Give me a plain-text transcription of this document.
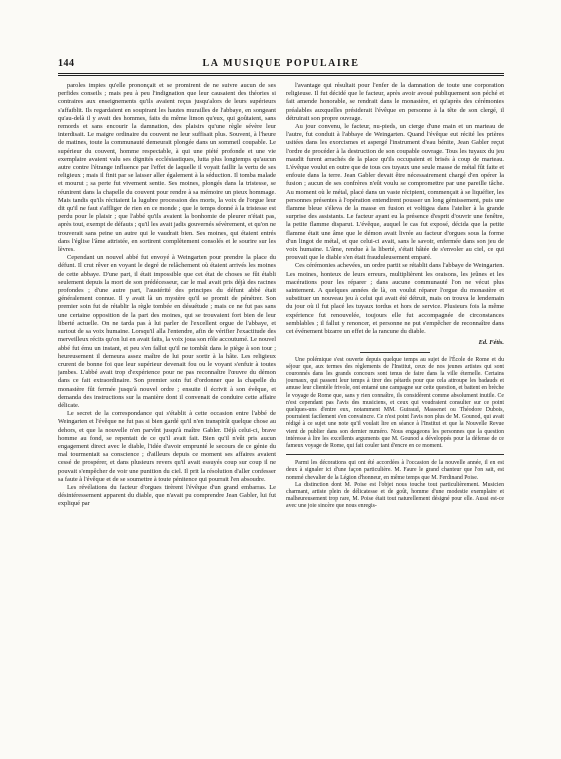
144	LA MUSIQUE POPULAIRE

paroles impies qu'elle prononçait et se promirent de ne suivre aucun de ses perfides conseils ; mais peu à peu l'indignation que leur causaient des théories si contraires aux enseignements qu'ils avaient reçus jusqu'alors de leurs supérieurs s'affaiblit. Ils regardaient en soupirant les hautes murailles de l'abbaye, en songeant qu'au-delà il y avait des hommes, faits du même limon qu'eux, qui goûtaient, sans remords et sans encourir la damnation, des plaisirs qu'une règle sévère leur interdisait. Le maigre ordinaire du couvent ne leur suffisait plus. Souvent, à l'heure de matines, toute la communauté demeurait plongée dans un sommeil coupable. Le supérieur du couvent, homme respectable, à qui une piété profonde et une vie exemplaire avaient valu ses dignités ecclésiastiques, lutta plus longtemps qu'aucun autre contre l'étrange influence par l'effet de laquelle il voyait faillir la vertu de ses religieux ; mais il finit par se laisser aller également à la séduction. Il tomba malade et mourut ; sa perte fut vivement sentie. Ses moines, plongés dans la tristesse, se réunirent dans la chapelle du couvent pour rendre à sa mémoire un pieux hommage. Mais tandis qu'ils récitaient la lugubre procession des morts, la voix de l'orgue leur dit qu'il ne faut s'affliger de rien en ce monde ; que le temps donné à la tristesse est perdu pour le plaisir ; que l'abbé qu'ils avaient la bonhomie de pleurer n'était pas, après tout, exempt de défauts ; qu'il les avait jadis gouvernés sévèrement, et qu'on ne trouverait sans peine un autre qui le vaudrait bien. Ses moines, qui étaient entrés dans l'église l'âme attristée, en sortirent complètement consolés et le sourire sur les lèvres.

Cependant un nouvel abbé fut envoyé à Weingarten pour prendre la place du défunt. Il crut rêver en voyant le degré de relâchement où étaient arrivés les moines de cette abbaye. D'une part, il était impossible que cet état de choses se fût établi seulement depuis la mort de son prédécesseur, car le mal avait pris déjà des racines profondes ; d'une autre part, l'austérité des principes du défunt abbé était généralement connue. Il y avait là un mystère qu'il se promit de pénétrer. Son premier soin fut de rétablir la règle tombée en désuétude ; mais ce ne fut pas sans une certaine opposition de la part des moines, qui se trouvaient fort bien de leur liberté actuelle. On ne tarda pas à lui parler de l'excellent orgue de l'abbaye, et surtout de sa voix humaine. Lorsqu'il alla l'entendre, afin de vérifier l'exactitude des merveilleux récits qu'on lui en avait faits, la voix joua son rôle accoutumé. Le nouvel abbé fut ému un instant, et peu s'en fallut qu'il ne tombât dans le piège à son tour ; heureusement il demeura assez maître de lui pour sortir à la hâte. Les religieux crurent de bonne foi que leur supérieur devenait fou ou le voyant s'enfuir à toutes jambes. L'abbé avait trop d'expérience pour ne pas reconnaître l'œuvre du démon dans ce fait extraordinaire. Son premier soin fut d'ordonner que la chapelle du monastère fût fermée jusqu'à nouvel ordre ; ensuite il écrivit à son évêque, et demanda des instructions sur la manière dont il convenait de conduire cette affaire délicate.

Le secret de la correspondance qui s'établit à cette occasion entre l'abbé de Weingarten et l'évêque ne fut pas si bien gardé qu'il n'en transpirât quelque chose au dehors, et que la nouvelle n'en parvînt jusqu'à maître Gabler. Déjà celui-ci, brave homme au fond, se repentait de ce qu'il avait fait. Bien qu'il n'eût pris aucun engagement direct avec le diable, l'idée d'avoir emprunté le secours de ce génie du mal tourmentait sa conscience ; d'ailleurs depuis ce moment ses affaires avaient cessé de prospérer, et dans plusieurs revers qu'il avait essuyés coup sur coup il ne pouvait s'empêcher de voir une punition du ciel. Il prit la résolution d'aller confesser sa faute à l'évêque et de se soumettre à toute pénitence qui pourrait l'en absoudre.

Les révélations du facteur d'orgues tirèrent l'évêque d'un grand embarras. Le désintéressement apparent du diable, que n'avait pu comprendre Jean Gabler, lui fut expliqué par

l'avantage qui résultait pour l'enfer de la damnation de toute une corporation religieuse. Il fut décidé que le facteur, après avoir avoué publiquement son péché et fait amende honorable, se rendrait dans le monastère, et qu'après des cérémonies préalables auxquelles présiderait l'évêque en personne à la tête de son clergé, il détruirait son propre ouvrage.

Au jour convenu, le facteur, nu-pieds, un cierge d'une main et un marteau de l'autre, fut conduit à l'abbaye de Weingarten. Quand l'évêque eut récité les prières usitées dans les exorcismes et aspergé l'instrument d'eau bénite, Jean Gabler reçut l'ordre de procéder à la destruction de son coupable ouvrage. Tous les tuyaux du jeu maudit furent arrachés de la place qu'ils occupaient et brisés à coup de marteau. L'évêque voulut en outre que de tous ces tuyaux une seule masse de métal fût faite et enfouie dans la terre. Jean Gabler devait être nécessairement chargé d'en opérer la fusion ; aucun de ses confrères n'eût voulu se compromettre par une pareille tâche. Au moment où le métal, placé dans un vaste récipient, commençait à se liquéfier, les personnes présentes à l'opération entendirent pousser un long gémissement, puis une flamme bleue s'éleva de la masse en fusion et voltigea dans l'atelier à la grande surprise des assistants. Le facteur ayant eu la présence d'esprit d'ouvrir une fenêtre, la petite flamme disparut. L'évêque, auquel le cas fut exposé, décida que la petite flamme était une âme que le démon avait livrée au facteur d'orgues sous la forme d'un lingot de métal, et que celui-ci avait, sans le savoir, enfermée dans son jeu de voix humaine. L'âme, rendue à la liberté, s'était hâtée de s'envoler au ciel, ce qui prouvait que le diable s'en était frauduleusement emparé.

Ces cérémonies achevées, un ordre partit se rétablit dans l'abbaye de Weingarten. Les moines, honteux de leurs erreurs, multiplièrent les oraisons, les jeûnes et les macérations pour les réparer ; dans aucune communauté l'on ne vécut plus saintement. A quelques années de là, on voulut réparer l'orgue du monastère et substituer un nouveau jeu à celui qui avait été détruit, mais on trouva le lendemain du jour où il fut placé les tuyaux tordus et hors de service. Plusieurs fois la même expérience fut renouvelée, toujours elle fut accompagnée de circonstances semblables ; il fallut y renoncer, et personne ne put s'empêcher de reconnaître dans cet événement bizarre un effet de la rancune du diable.

Ed. Fétis.

Une polémique s'est ouverte depuis quelque temps au sujet de l'École de Rome et du séjour que, aux termes des règlements de l'Institut, ceux de nos jeunes artistes qui sont couronnés dans les grands concours sont tenus de faire dans la ville éternelle. Certains journaux, qui passent leur temps à tirer des pétards pour que cela attroupe les badauds et amuse leur clientèle frivole, ont entamé une campagne sur cette question, et battent en brèche le voyage de Rome que, sans y rien connaître, ils considèrent comme absolument inutile. Ce n'est cependant pas l'avis des musiciens, et ceux qui voudraient consulter sur ce point quelques-uns d'entre eux, notamment MM. Guiraud, Massenet ou Théodore Dubois, pourraient facilement s'en convaincre. Ce n'est point l'avis non plus de M. Gounod, qui avait rédigé à ce sujet une note qu'il voulait lire en séance à l'Institut et que la Nouvelle Revue vient de publier dans son dernier numéro. Nous engageons les personnes que la question intéresse à lire les excellents arguments que M. Gounod a développés pour la défense de ce fameux voyage de Rome, qui fait couler tant d'encre en ce moment.

Parmi les décorations qui ont été accordées à l'occasion de la nouvelle année, il en est deux à signaler ici d'une façon particulière. M. Faure le grand chanteur que l'on sait, est nommé chevalier de la Légion d'honneur, en même temps que M. Ferdinand Poise.

La distinction dont M. Poise est l'objet nous touche tout particulièrement. Musicien charmant, artiste plein de délicatesse et de goût, homme d'une modestie exemplaire et malheureusement trop rare, M. Poise était tout naturellement désigné pour elle. Aussi est-ce avec une joie sincère que nous enregis-
